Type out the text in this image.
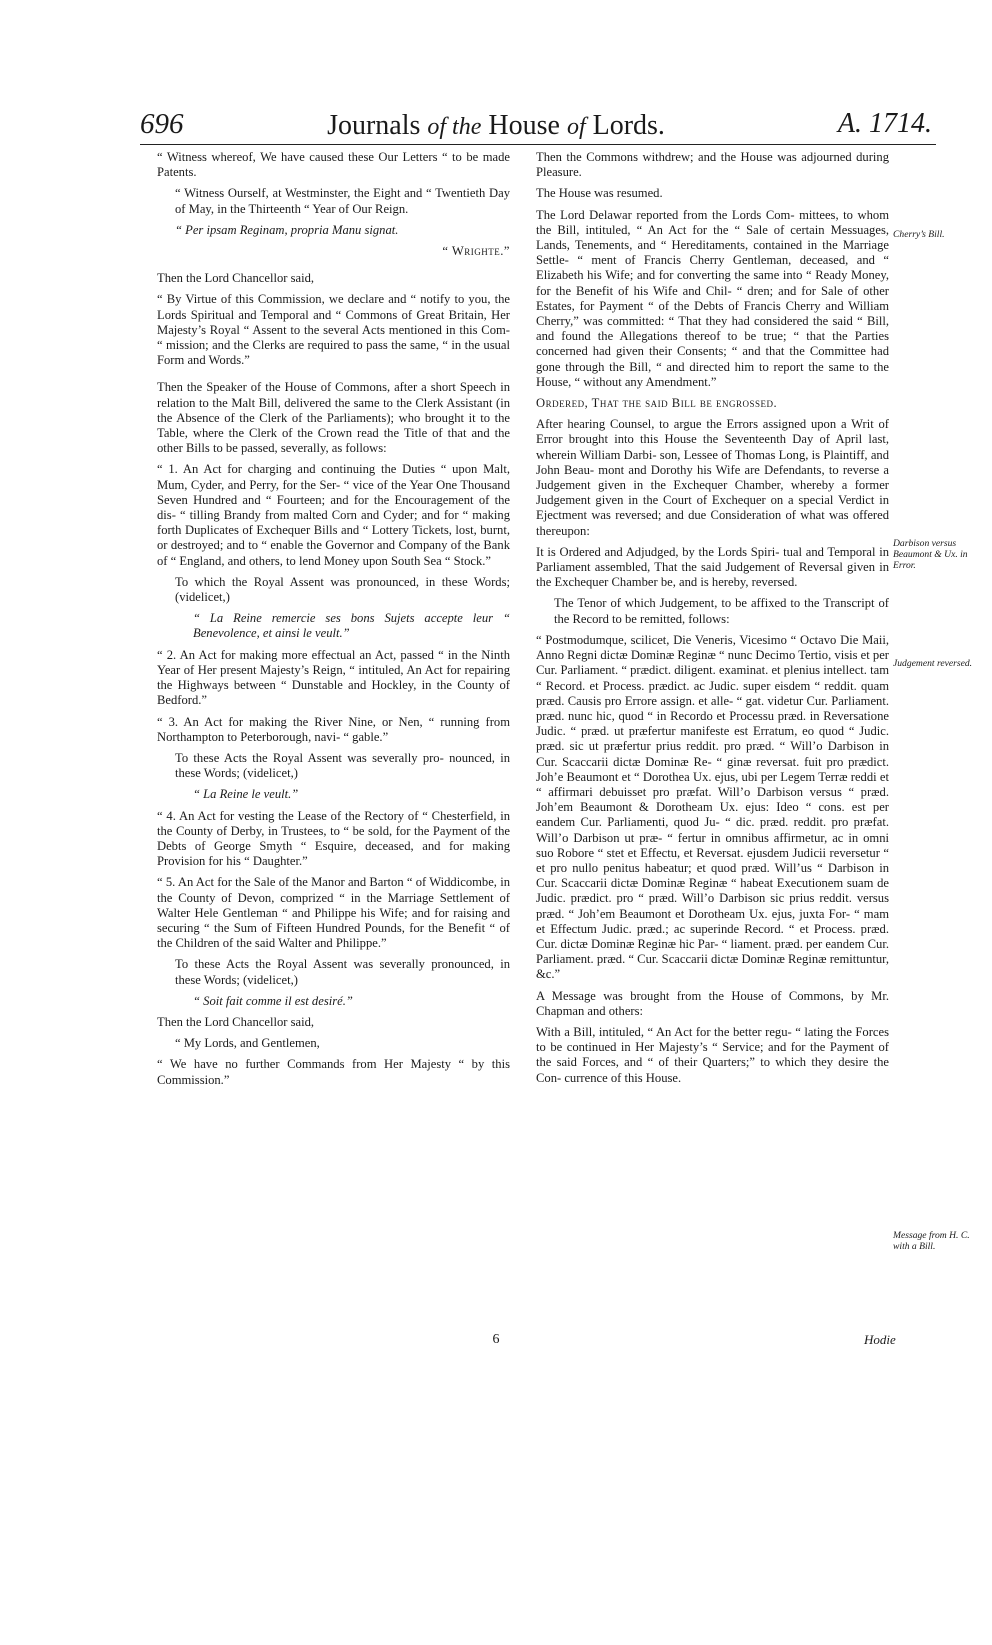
696	Journals of the House of Lords.	A. 1714.

“ Witness whereof, We have caused these Our Letters “ to be made Patents.

“ Witness Ourself, at Westminster, the Eight and “ Twentieth Day of May, in the Thirteenth “ Year of Our Reign.

“ Per ipsam Reginam, propria Manu signat.

“ Wrighte.”

Then the Lord Chancellor said,

“ By Virtue of this Commission, we declare and “ notify to you, the Lords Spiritual and Temporal and “ Commons of Great Britain, Her Majesty’s Royal “ Assent to the several Acts mentioned in this Com- “ mission; and the Clerks are required to pass the same, “ in the usual Form and Words.”

Then the Speaker of the House of Commons, after a short Speech in relation to the Malt Bill, delivered the same to the Clerk Assistant (in the Absence of the Clerk of the Parliaments); who brought it to the Table, where the Clerk of the Crown read the Title of that and the other Bills to be passed, severally, as follows:

“ 1. An Act for charging and continuing the Duties “ upon Malt, Mum, Cyder, and Perry, for the Ser- “ vice of the Year One Thousand Seven Hundred and “ Fourteen; and for the Encouragement of the dis- “ tilling Brandy from malted Corn and Cyder; and for “ making forth Duplicates of Exchequer Bills and “ Lottery Tickets, lost, burnt, or destroyed; and to “ enable the Governor and Company of the Bank of “ England, and others, to lend Money upon South Sea “ Stock.”

To which the Royal Assent was pronounced, in these Words; (videlicet,)

“ La Reine remercie ses bons Sujets accepte leur “ Benevolence, et ainsi le veult.”

“ 2. An Act for making more effectual an Act, passed “ in the Ninth Year of Her present Majesty’s Reign, “ intituled, An Act for repairing the Highways between “ Dunstable and Hockley, in the County of Bedford.”

“ 3. An Act for making the River Nine, or Nen, “ running from Northampton to Peterborough, navi- “ gable.”

To these Acts the Royal Assent was severally pro- nounced, in these Words; (videlicet,)

“ La Reine le veult.”

“ 4. An Act for vesting the Lease of the Rectory of “ Chesterfield, in the County of Derby, in Trustees, to “ be sold, for the Payment of the Debts of George Smyth “ Esquire, deceased, and for making Provision for his “ Daughter.”

“ 5. An Act for the Sale of the Manor and Barton “ of Widdicombe, in the County of Devon, comprized “ in the Marriage Settlement of Walter Hele Gentleman “ and Philippe his Wife; and for raising and securing “ the Sum of Fifteen Hundred Pounds, for the Benefit “ of the Children of the said Walter and Philippe.”

To these Acts the Royal Assent was severally pronounced, in these Words; (videlicet,)

“ Soit fait comme il est desiré.”

Then the Lord Chancellor said,

“ My Lords, and Gentlemen,

“ We have no further Commands from Her Majesty “ by this Commission.”

Then the Commons withdrew; and the House was adjourned during Pleasure.

The House was resumed.

The Lord Delawar reported from the Lords Com- mittees, to whom the Bill, intituled, “ An Act for the “ Sale of certain Messuages, Lands, Tenements, and “ Hereditaments, contained in the Marriage Settle- “ ment of Francis Cherry Gentleman, deceased, and “ Elizabeth his Wife; and for converting the same into “ Ready Money, for the Benefit of his Wife and Chil- “ dren; and for Sale of other Estates, for Payment “ of the Debts of Francis Cherry and William Cherry,” was committed: “ That they had considered the said “ Bill, and found the Allegations thereof to be true; “ that the Parties concerned had given their Consents; “ and that the Committee had gone through the Bill, “ and directed him to report the same to the House, “ without any Amendment.”

Ordered, That the said Bill be engrossed.

After hearing Counsel, to argue the Errors assigned upon a Writ of Error brought into this House the Seventeenth Day of April last, wherein William Darbi- son, Lessee of Thomas Long, is Plaintiff, and John Beau- mont and Dorothy his Wife are Defendants, to reverse a Judgement given in the Exchequer Chamber, whereby a former Judgement given in the Court of Exchequer on a special Verdict in Ejectment was reversed; and due Consideration of what was offered thereupon:

It is Ordered and Adjudged, by the Lords Spiri- tual and Temporal in Parliament assembled, That the said Judgement of Reversal given in the Exchequer Chamber be, and is hereby, reversed.

The Tenor of which Judgement, to be affixed to the Transcript of the Record to be remitted, follows:

“ Postmodumque, scilicet, Die Veneris, Vicesimo “ Octavo Die Maii, Anno Regni dictæ Dominæ Reginæ “ nunc Decimo Tertio, visis et per Cur. Parliament. “ prædict. diligent. examinat. et plenius intellect. tam “ Record. et Process. prædict. ac Judic. super eisdem “ reddit. quam præd. Causis pro Errore assign. et alle- “ gat. videtur Cur. Parliament. præd. nunc hic, quod “ in Recordo et Processu præd. in Reversatione Judic. “ præd. ut præfertur manifeste est Erratum, eo quod “ Judic. præd. sic ut præfertur prius reddit. pro præd. “ Will’o Darbison in Cur. Scaccarii dictæ Dominæ Re- “ ginæ reversat. fuit pro prædict. Joh’e Beaumont et “ Dorothea Ux. ejus, ubi per Legem Terræ reddi et “ affirmari debuisset pro præfat. Will’o Darbison versus “ præd. Joh’em Beaumont & Dorotheam Ux. ejus: Ideo “ cons. est per eandem Cur. Parliamenti, quod Ju- “ dic. præd. reddit. pro præfat. Will’o Darbison ut præ- “ fertur in omnibus affirmetur, ac in omni suo Robore “ stet et Effectu, et Reversat. ejusdem Judicii reversetur “ et pro nullo penitus habeatur; et quod præd. Will’us “ Darbison in Cur. Scaccarii dictæ Dominæ Reginæ “ habeat Executionem suam de Judic. prædict. pro “ præd. Will’o Darbison sic prius reddit. versus præd. “ Joh’em Beaumont et Dorotheam Ux. ejus, juxta For- “ mam et Effectum Judic. præd.; ac superinde Record. “ et Process. præd. Cur. dictæ Dominæ Reginæ hic Par- “ liament. præd. per eandem Cur. Parliament. præd. “ Cur. Scaccarii dictæ Dominæ Reginæ remittuntur, &c.”

A Message was brought from the House of Commons, by Mr. Chapman and others:

With a Bill, intituled, “ An Act for the better regu- “ lating the Forces to be continued in Her Majesty’s “ Service; and for the Payment of the said Forces, and “ of their Quarters;” to which they desire the Con- currence of this House.

Cherry’s Bill.
Darbison versus Beaumont & Ux. in Error.
Judgement reversed.
Message from H. C. with a Bill.
6	Hodie
